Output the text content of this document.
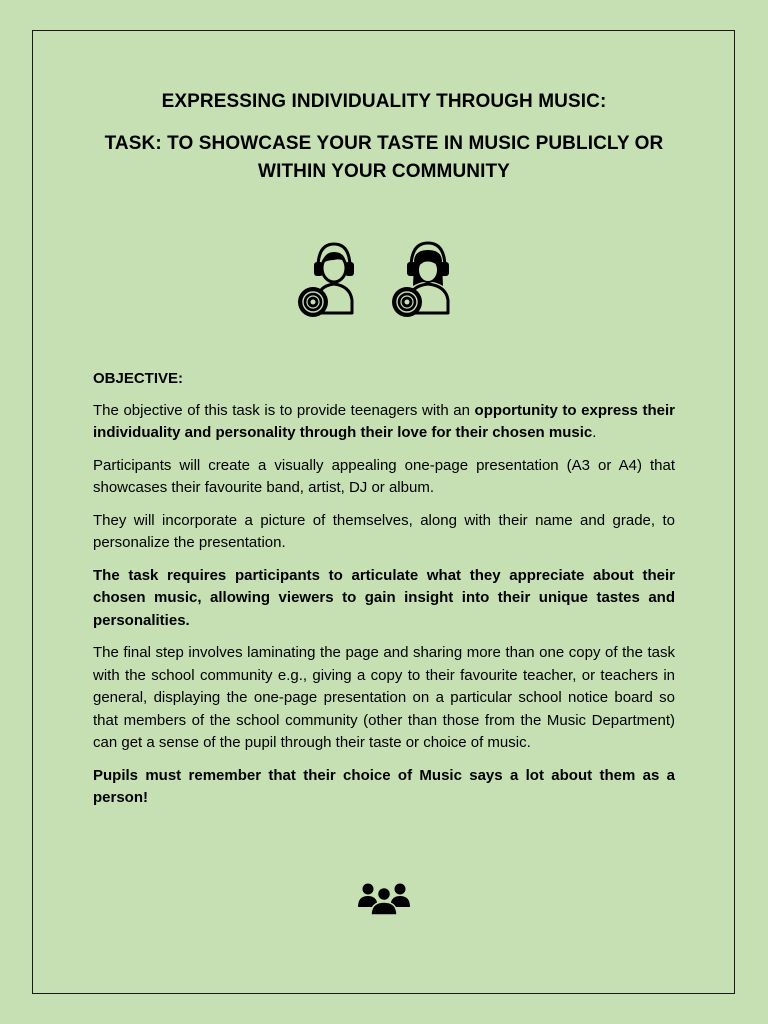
EXPRESSING INDIVIDUALITY THROUGH MUSIC:
TASK: TO SHOWCASE YOUR TASTE IN MUSIC PUBLICLY OR
WITHIN YOUR COMMUNITY

OBJECTIVE:

The objective of this task is to provide teenagers with an opportunity to express their individuality and personality through their love for their chosen music.

Participants will create a visually appealing one-page presentation (A3 or A4) that showcases their favourite band, artist, DJ or album.

They will incorporate a picture of themselves, along with their name and grade, to personalize the presentation.

The task requires participants to articulate what they appreciate about their chosen music, allowing viewers to gain insight into their unique tastes and personalities.

The final step involves laminating the page and sharing more than one copy of the task with the school community e.g., giving a copy to their favourite teacher, or teachers in general, displaying the one-page presentation on a particular school notice board so that members of the school community (other than those from the Music Department) can get a sense of the pupil through their taste or choice of music.

Pupils must remember that their choice of Music says a lot about them as a person!
